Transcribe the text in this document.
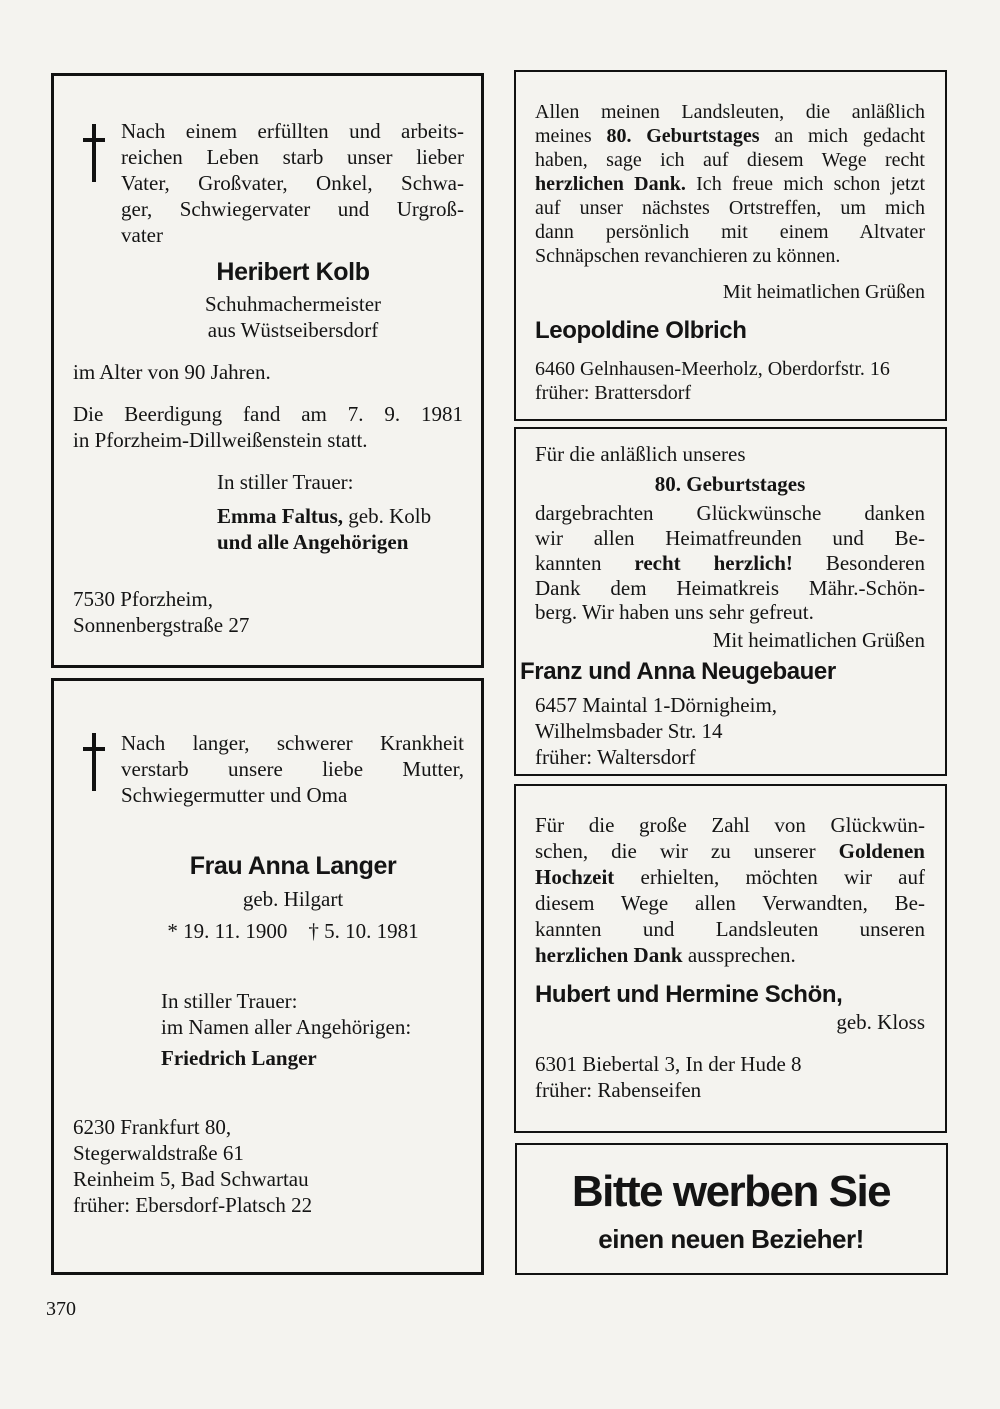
Nach einem erfüllten und arbeits-
reichen Leben starb unser lieber
Vater, Großvater, Onkel, Schwa-
ger, Schwiegervater und Urgroß-
vater
Heribert Kolb
Schuhmachermeister
aus Wüstseibersdorf
im Alter von 90 Jahren.
Die Beerdigung fand am 7. 9. 1981
in Pforzheim-Dillweißenstein statt.
In stiller Trauer:
Emma Faltus, geb. Kolb
und alle Angehörigen
7530 Pforzheim,
Sonnenbergstraße 27
Nach langer, schwerer Krankheit
verstarb unsere liebe Mutter,
Schwiegermutter und Oma
Frau Anna Langer
geb. Hilgart
* 19. 11. 1900    † 5. 10. 1981
In stiller Trauer:
im Namen aller Angehörigen:
Friedrich Langer
6230 Frankfurt 80,
Stegerwaldstraße 61
Reinheim 5, Bad Schwartau
früher: Ebersdorf-Platsch 22
Allen meinen Landsleuten, die anläßlich
meines 80. Geburtstages an mich gedacht
haben, sage ich auf diesem Wege recht
herzlichen Dank. Ich freue mich schon jetzt
auf unser nächstes Ortstreffen, um mich
dann persönlich mit einem Altvater
Schnäpschen revanchieren zu können.
Mit heimatlichen Grüßen
Leopoldine Olbrich
6460 Gelnhausen-Meerholz, Oberdorfstr. 16
früher: Brattersdorf
Für die anläßlich unseres
80. Geburtstages
dargebrachten Glückwünsche danken
wir allen Heimatfreunden und Be-
kannten recht herzlich! Besonderen
Dank dem Heimatkreis Mähr.-Schön-
berg. Wir haben uns sehr gefreut.
Mit heimatlichen Grüßen
Franz und Anna Neugebauer
6457 Maintal 1-Dörnigheim,
Wilhelmsbader Str. 14
früher: Waltersdorf
Für die große Zahl von Glückwün-
schen, die wir zu unserer Goldenen
Hochzeit erhielten, möchten wir auf
diesem Wege allen Verwandten, Be-
kannten und Landsleuten unseren
herzlichen Dank aussprechen.
Hubert und Hermine Schön,
geb. Kloss
6301 Biebertal 3, In der Hude 8
früher: Rabenseifen
Bitte werben Sie
einen neuen Bezieher!
370
